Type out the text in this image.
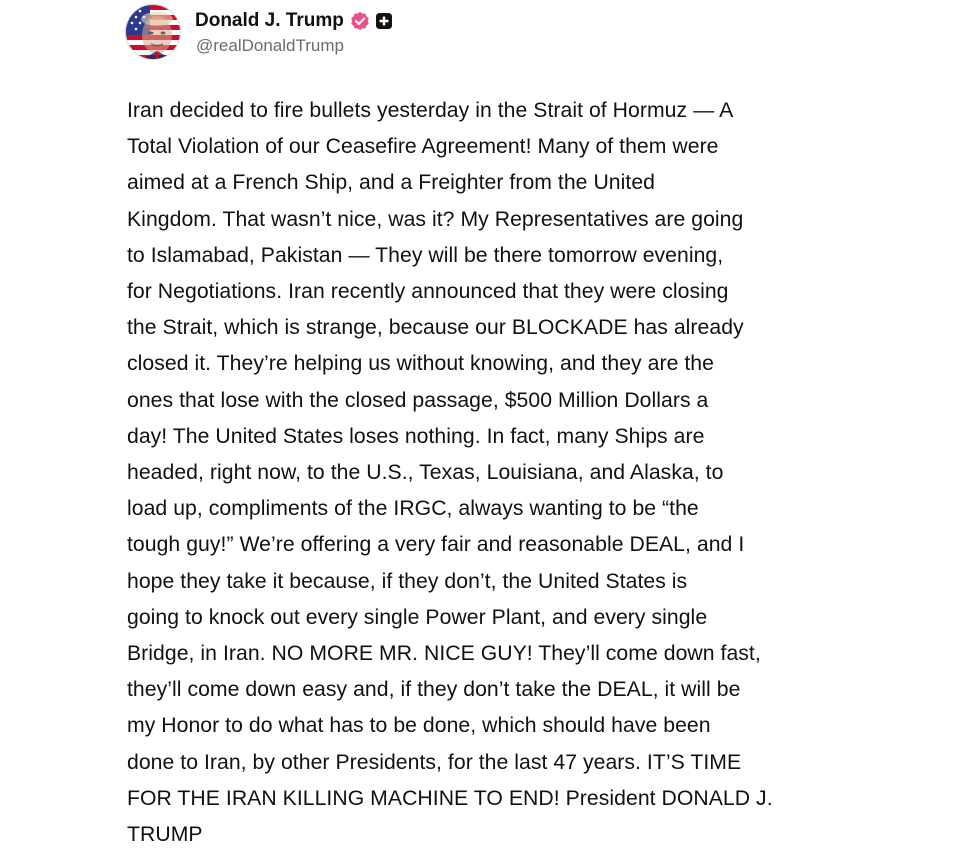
Donald J. Trump
@realDonaldTrump
Iran decided to fire bullets yesterday in the Strait of Hormuz — A
Total Violation of our Ceasefire Agreement! Many of them were
aimed at a French Ship, and a Freighter from the United
Kingdom. That wasn’t nice, was it? My Representatives are going
to Islamabad, Pakistan — They will be there tomorrow evening,
for Negotiations. Iran recently announced that they were closing
the Strait, which is strange, because our BLOCKADE has already
closed it. They’re helping us without knowing, and they are the
ones that lose with the closed passage, $500 Million Dollars a
day! The United States loses nothing. In fact, many Ships are
headed, right now, to the U.S., Texas, Louisiana, and Alaska, to
load up, compliments of the IRGC, always wanting to be “the
tough guy!” We’re offering a very fair and reasonable DEAL, and I
hope they take it because, if they don’t, the United States is
going to knock out every single Power Plant, and every single
Bridge, in Iran. NO MORE MR. NICE GUY! They’ll come down fast,
they’ll come down easy and, if they don’t take the DEAL, it will be
my Honor to do what has to be done, which should have been
done to Iran, by other Presidents, for the last 47 years. IT’S TIME
FOR THE IRAN KILLING MACHINE TO END! President DONALD J.
TRUMP
